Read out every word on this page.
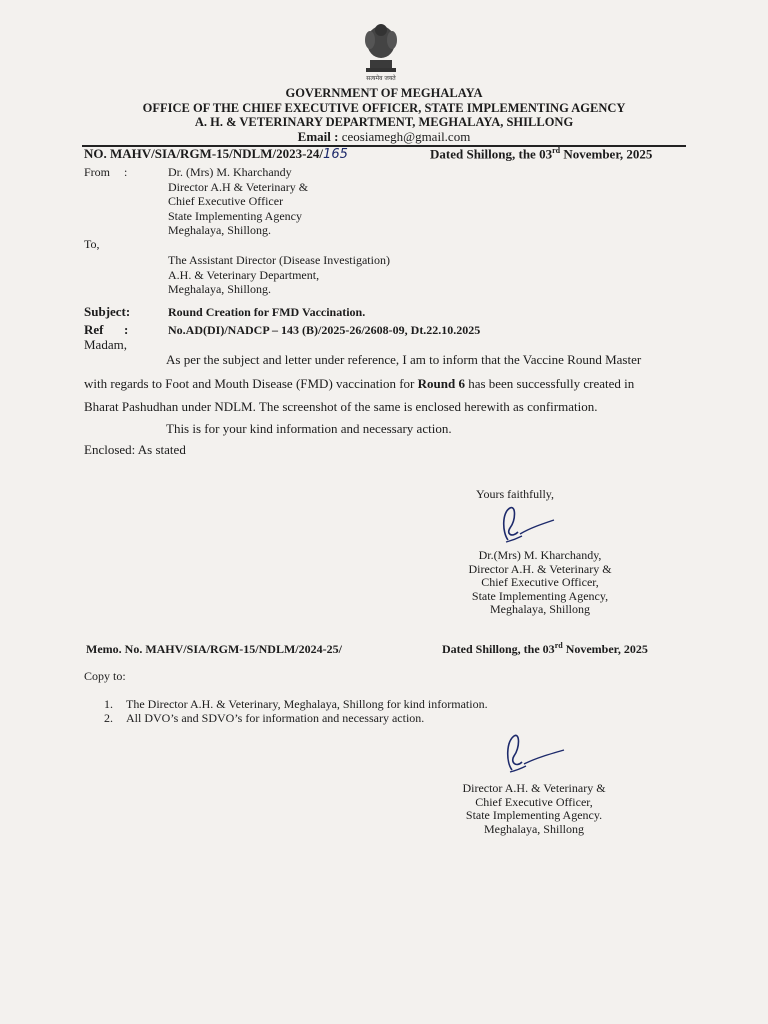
सत्यमेव जयते
GOVERNMENT OF MEGHALAYA
OFFICE OF THE CHIEF EXECUTIVE OFFICER, STATE IMPLEMENTING AGENCY
A. H. & VETERINARY DEPARTMENT, MEGHALAYA, SHILLONG
Email : ceosiamegh@gmail.com
NO. MAHV/SIA/RGM-15/NDLM/2023-24/165	Dated Shillong, the 03rd November, 2025
From :	Dr. (Mrs) M. Kharchandy
Director A.H & Veterinary &
Chief Executive Officer
State Implementing Agency
Meghalaya, Shillong.
To,
The Assistant Director (Disease Investigation)
A.H. & Veterinary Department,
Meghalaya, Shillong.
Subject:	Round Creation for FMD Vaccination.
Ref :	No.AD(DI)/NADCP – 143 (B)/2025-26/2608-09, Dt.22.10.2025
Madam,
As per the subject and letter under reference, I am to inform that the Vaccine Round Master
with regards to Foot and Mouth Disease (FMD) vaccination for Round 6 has been successfully created in
Bharat Pashudhan under NDLM. The screenshot of the same is enclosed herewith as confirmation.
This is for your kind information and necessary action.
Enclosed: As stated
Yours faithfully,
Dr.(Mrs) M. Kharchandy,
Director A.H. & Veterinary &
Chief Executive Officer,
State Implementing Agency,
Meghalaya, Shillong
Memo. No. MAHV/SIA/RGM-15/NDLM/2024-25/	Dated Shillong, the 03rd November, 2025
Copy to:
1. The Director A.H. & Veterinary, Meghalaya, Shillong for kind information.
2. All DVO’s and SDVO’s for information and necessary action.
Director A.H. & Veterinary &
Chief Executive Officer,
State Implementing Agency.
Meghalaya, Shillong
